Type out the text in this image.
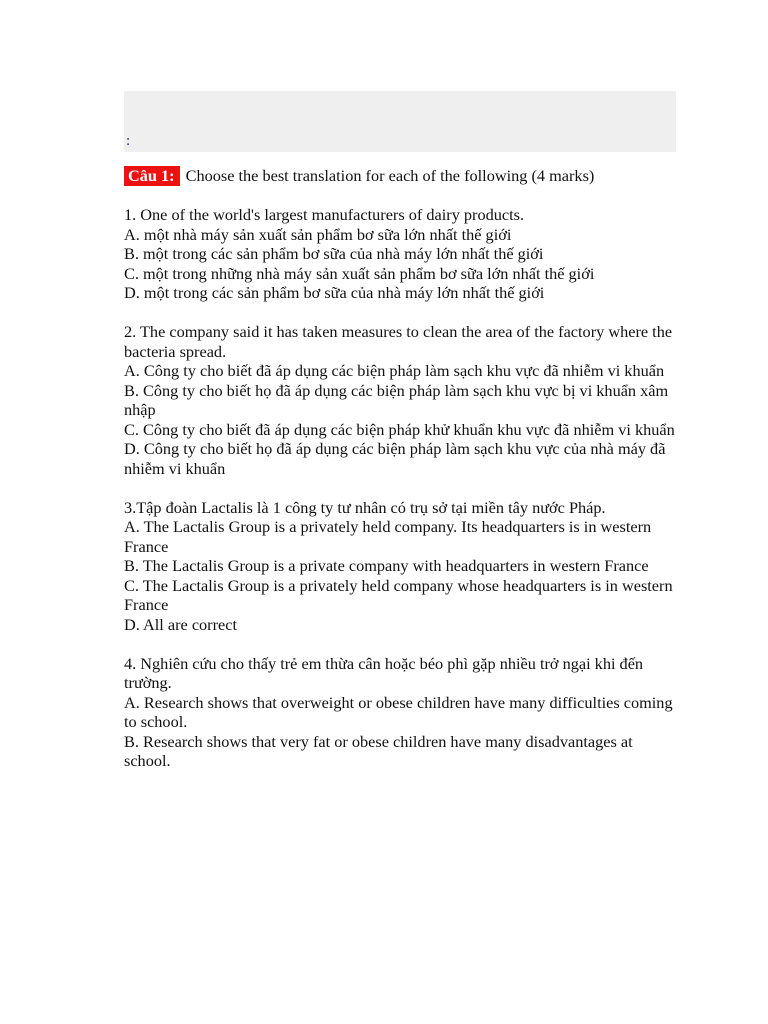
:
Câu 1: Choose the best translation for each of the following (4 marks)
1. One of the world's largest manufacturers of dairy products.
A. một nhà máy sản xuất sản phẩm bơ sữa lớn nhất thế giới
B. một trong các sản phẩm bơ sữa của nhà máy lớn nhất thế giới
C. một trong những nhà máy sản xuất sản phẩm bơ sữa lớn nhất thế giới
D. một trong các sản phẩm bơ sữa của nhà máy lớn nhất thế giới
2. The company said it has taken measures to clean the area of the factory where the bacteria spread.
A. Công ty cho biết đã áp dụng các biện pháp làm sạch khu vực đã nhiễm vi khuẩn
B. Công ty cho biết họ đã áp dụng các biện pháp làm sạch khu vực bị vi khuẩn xâm nhập
C. Công ty cho biết đã áp dụng các biện pháp khử khuẩn khu vực đã nhiễm vi khuẩn
D. Công ty cho biết họ đã áp dụng các biện pháp làm sạch khu vực của nhà máy đã nhiễm vi khuẩn
3.Tập đoàn Lactalis là 1 công ty tư nhân có trụ sở tại miền tây nước Pháp.
A. The Lactalis Group is a privately held company. Its headquarters is in western France
B. The Lactalis Group is a private company with headquarters in western France
C. The Lactalis Group is a privately held company whose headquarters is in western France
D. All are correct
4. Nghiên cứu cho thấy trẻ em thừa cân hoặc béo phì gặp nhiều trở ngại khi đến trường.
A. Research shows that overweight or obese children have many difficulties coming to school.
B. Research shows that very fat or obese children have many disadvantages at school.
